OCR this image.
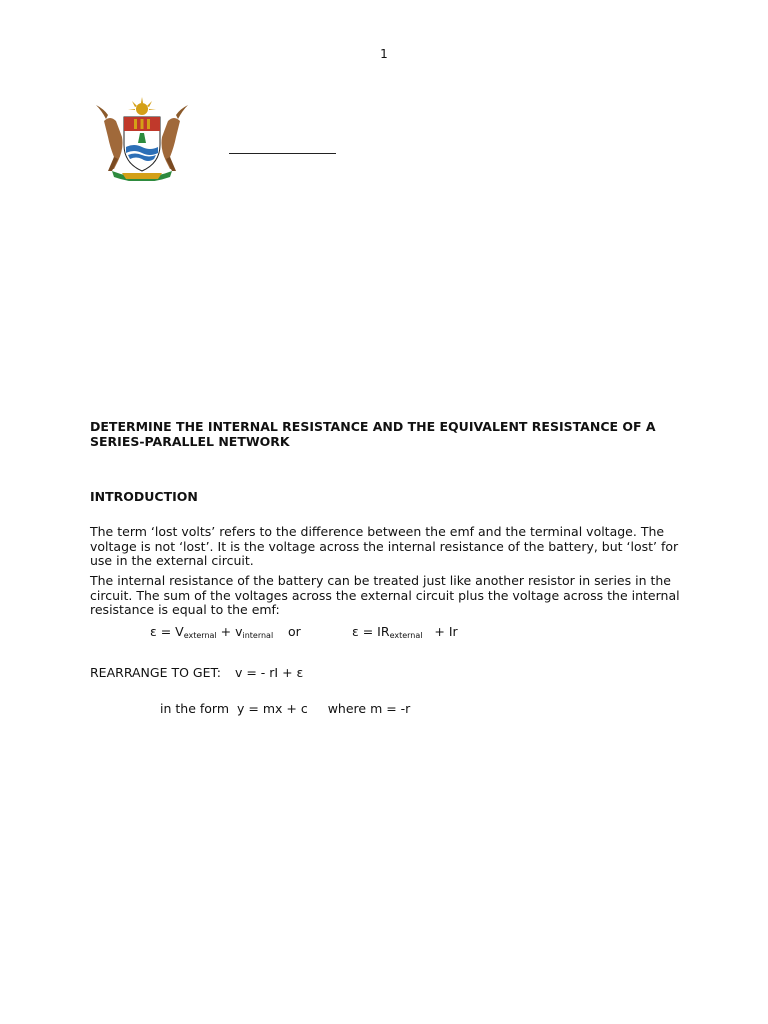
1
DETERMINE THE INTERNAL RESISTANCE AND THE EQUIVALENT RESISTANCE OF A SERIES-PARALLEL NETWORK
INTRODUCTION

The term ‘lost volts’ refers to the difference between the emf and the terminal voltage. The voltage is not ‘lost’. It is the voltage across the internal resistance of the battery, but ‘lost’ for use in the external circuit.

The internal resistance of the battery can be treated just like another resistor in series in the circuit. The sum of the voltages across the external circuit plus the voltage across the internal resistance is equal to the emf:

$\varepsilon = V_{external} + v_{internal}$ or	$\varepsilon = IR_{external} + Ir$
REARRANGE TO GET: v = - rI + ε
in the form y = mx + c where m = -r
